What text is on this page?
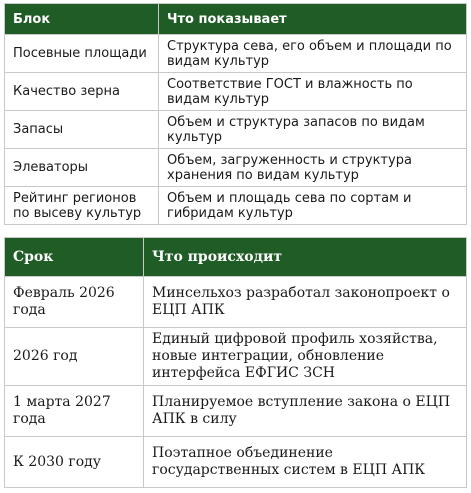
Блок	Что показывает
Посевные площади	Структура сева, его объем и площади по видам культур
Качество зерна	Соответствие ГОСТ и влажность по видам культур
Запасы	Объем и структура запасов по видам культур
Элеваторы	Объем, загруженность и структура хранения по видам культур
Рейтинг регионов по высеву культур	Объем и площадь сева по сортам и гибридам культур
Срок	Что происходит
Февраль 2026 года	Минсельхоз разработал законопроект о ЕЦП АПК
2026 год	Единый цифровой профиль хозяйства, новые интеграции, обновление интерфейса ЕФГИС ЗСН
1 марта 2027 года	Планируемое вступление закона о ЕЦП АПК в силу
К 2030 году	Поэтапное объединение государственных систем в ЕЦП АПК
